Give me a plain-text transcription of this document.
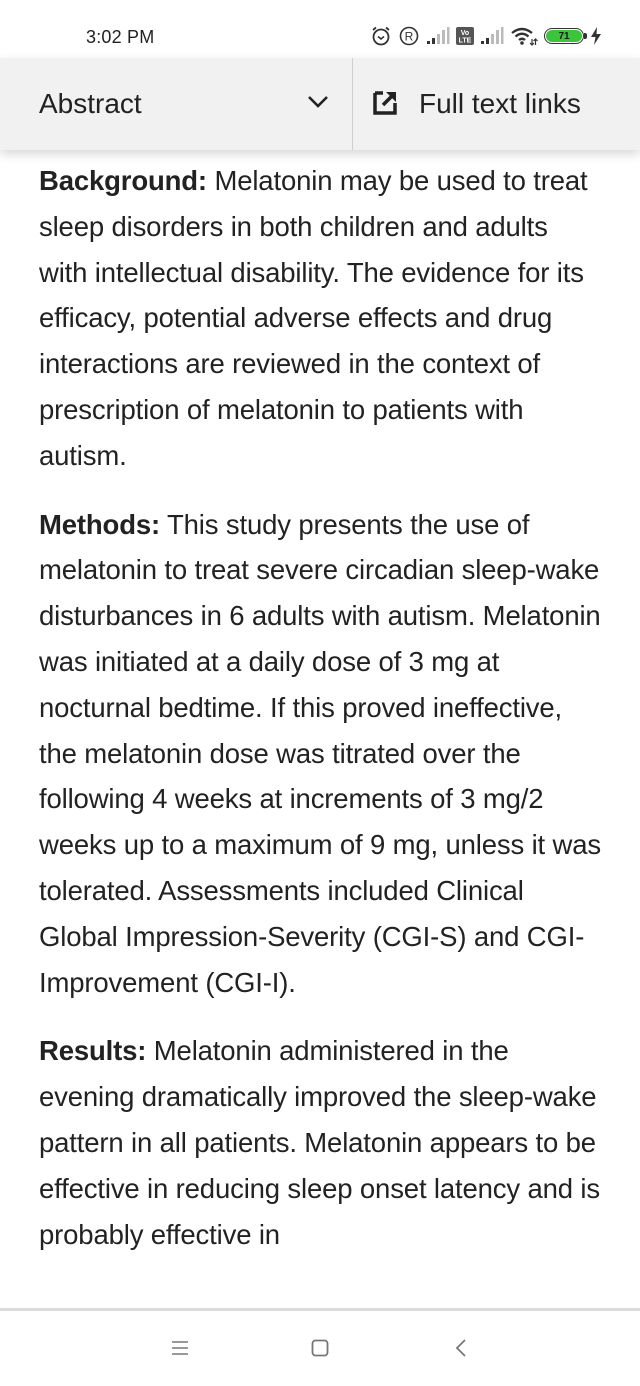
3:02 PM	R	Vo
LTE	71
Abstract	Full text links

Background: Melatonin may be used to treat sleep disorders in both children and adults with intellectual disability. The evidence for its efficacy, potential adverse effects and drug interactions are reviewed in the context of prescription of melatonin to patients with autism.

Methods: This study presents the use of melatonin to treat severe circadian sleep-wake disturbances in 6 adults with autism. Melatonin was initiated at a daily dose of 3 mg at nocturnal bedtime. If this proved ineffective, the melatonin dose was titrated over the following 4 weeks at increments of 3 mg/2 weeks up to a maximum of 9 mg, unless it was tolerated. Assessments included Clinical Global Impression-Severity (CGI-S) and CGI-Improvement (CGI-I).

Results: Melatonin administered in the evening dramatically improved the sleep-wake pattern in all patients. Melatonin appears to be effective in reducing sleep onset latency and is probably effective in
